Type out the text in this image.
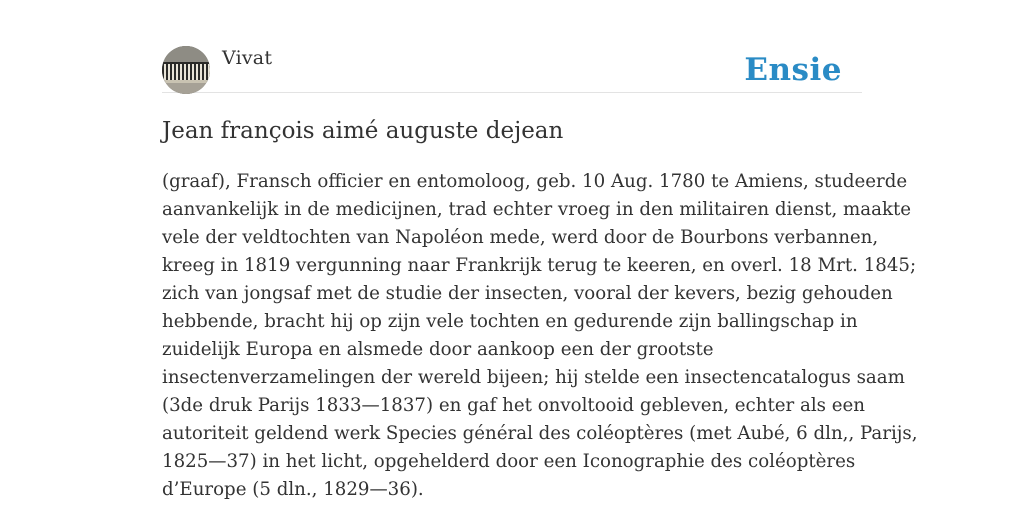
Vivat	Ensie
Jean françois aimé auguste dejean
(graaf), Fransch officier en entomoloog, geb. 10 Aug. 1780 te Amiens, studeerde
aanvankelijk in de medicijnen, trad echter vroeg in den militairen dienst, maakte
vele der veldtochten van Napoléon mede, werd door de Bourbons verbannen,
kreeg in 1819 vergunning naar Frankrijk terug te keeren, en overl. 18 Mrt. 1845;
zich van jongsaf met de studie der insecten, vooral der kevers, bezig gehouden
hebbende, bracht hij op zijn vele tochten en gedurende zijn ballingschap in
zuidelijk Europa en alsmede door aankoop een der grootste
insectenverzamelingen der wereld bijeen; hij stelde een insectencatalogus saam
(3de druk Parijs 1833—1837) en gaf het onvoltooid gebleven, echter als een
autoriteit geldend werk Species général des coléoptères (met Aubé, 6 dln,, Parijs,
1825—37) in het licht, opgehelderd door een Iconographie des coléoptères
d’Europe (5 dln., 1829—36).
